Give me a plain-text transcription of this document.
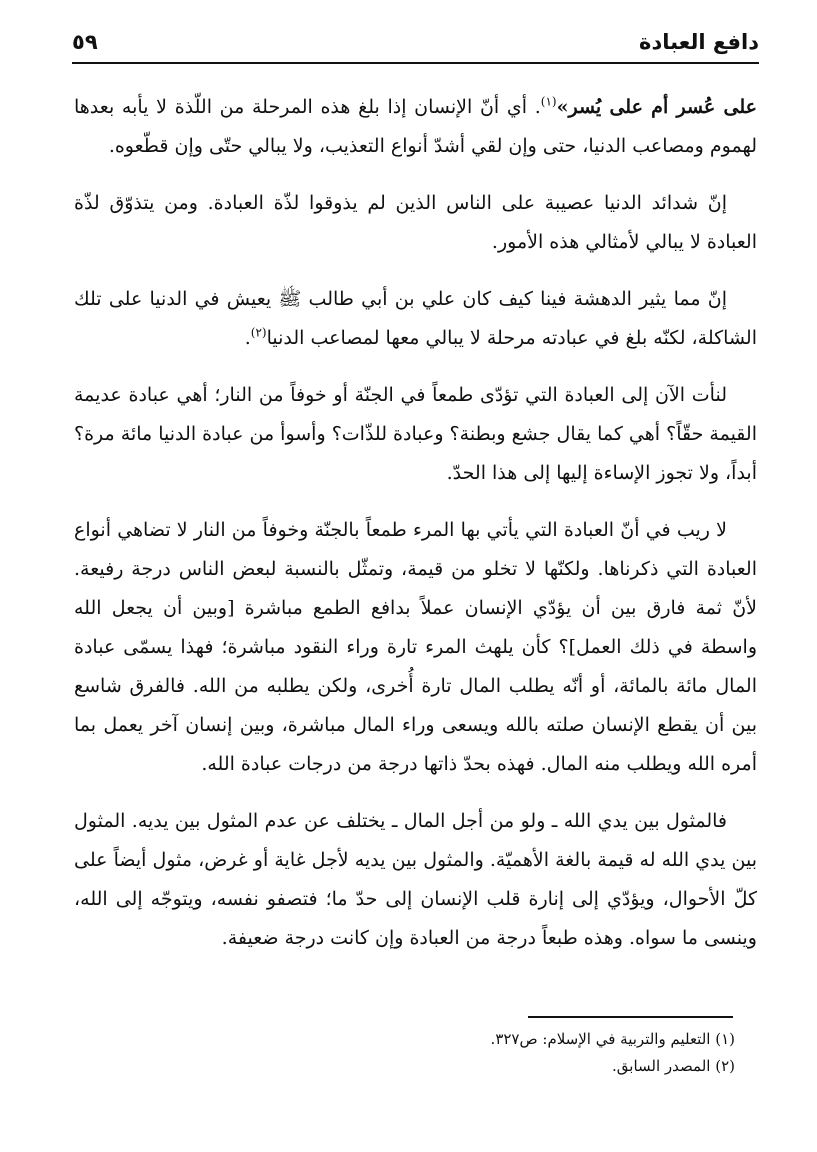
دافع العبادة
٥٩

على عُسر أم على يُسر»$^{(١)}$. أي أنّ الإنسان إذا بلغ هذه المرحلة من اللّذة لا يأبه بعدها لهموم ومصاعب الدنيا، حتى وإن لقي أشدّ أنواع التعذيب، ولا يبالي حتّى وإن قطّعوه.

إنّ شدائد الدنيا عصيبة على الناس الذين لم يذوقوا لذّة العبادة. ومن يتذوّق لذّة العبادة لا يبالي لأمثالي هذه الأمور.

إنّ مما يثير الدهشة فينا كيف كان علي بن أبي طالب ﷺ يعيش في الدنيا على تلك الشاكلة، لكنّه بلغ في عبادته مرحلة لا يبالي معها لمصاعب الدنيا$^{(٢)}$.

لنأت الآن إلى العبادة التي تؤدّى طمعاً في الجنّة أو خوفاً من النار؛ أهي عبادة عديمة القيمة حقّاً؟ أهي كما يقال جشع وبطنة؟ وعبادة للذّات؟ وأسوأ من عبادة الدنيا مائة مرة؟ أبداً، ولا تجوز الإساءة إليها إلى هذا الحدّ.

لا ريب في أنّ العبادة التي يأتي بها المرء طمعاً بالجنّة وخوفاً من النار لا تضاهي أنواع العبادة التي ذكرناها. ولكنّها لا تخلو من قيمة، وتمثّل بالنسبة لبعض الناس درجة رفيعة. لأنّ ثمة فارق بين أن يؤدّي الإنسان عملاً بدافع الطمع مباشرة [وبين أن يجعل الله واسطة في ذلك العمل]؟ كأن يلهث المرء تارة وراء النقود مباشرة؛ فهذا يسمّى عبادة المال مائة بالمائة، أو أنّه يطلب المال تارة أُخرى، ولكن يطلبه من الله. فالفرق شاسع بين أن يقطع الإنسان صلته بالله ويسعى وراء المال مباشرة، وبين إنسان آخر يعمل بما أمره الله ويطلب منه المال. فهذه بحدّ ذاتها درجة من درجات عبادة الله.

فالمثول بين يدي الله ـ ولو من أجل المال ـ يختلف عن عدم المثول بين يديه. المثول بين يدي الله له قيمة بالغة الأهميّة. والمثول بين يديه لأجل غاية أو غرض، مثول أيضاً على كلّ الأحوال، ويؤدّي إلى إنارة قلب الإنسان إلى حدّ ما؛ فتصفو نفسه، ويتوجّه إلى الله، وينسى ما سواه. وهذه طبعاً درجة من العبادة وإن كانت درجة ضعيفة.

(١) التعليم والتربية في الإسلام: ص٣٢٧.

(٢) المصدر السابق.
